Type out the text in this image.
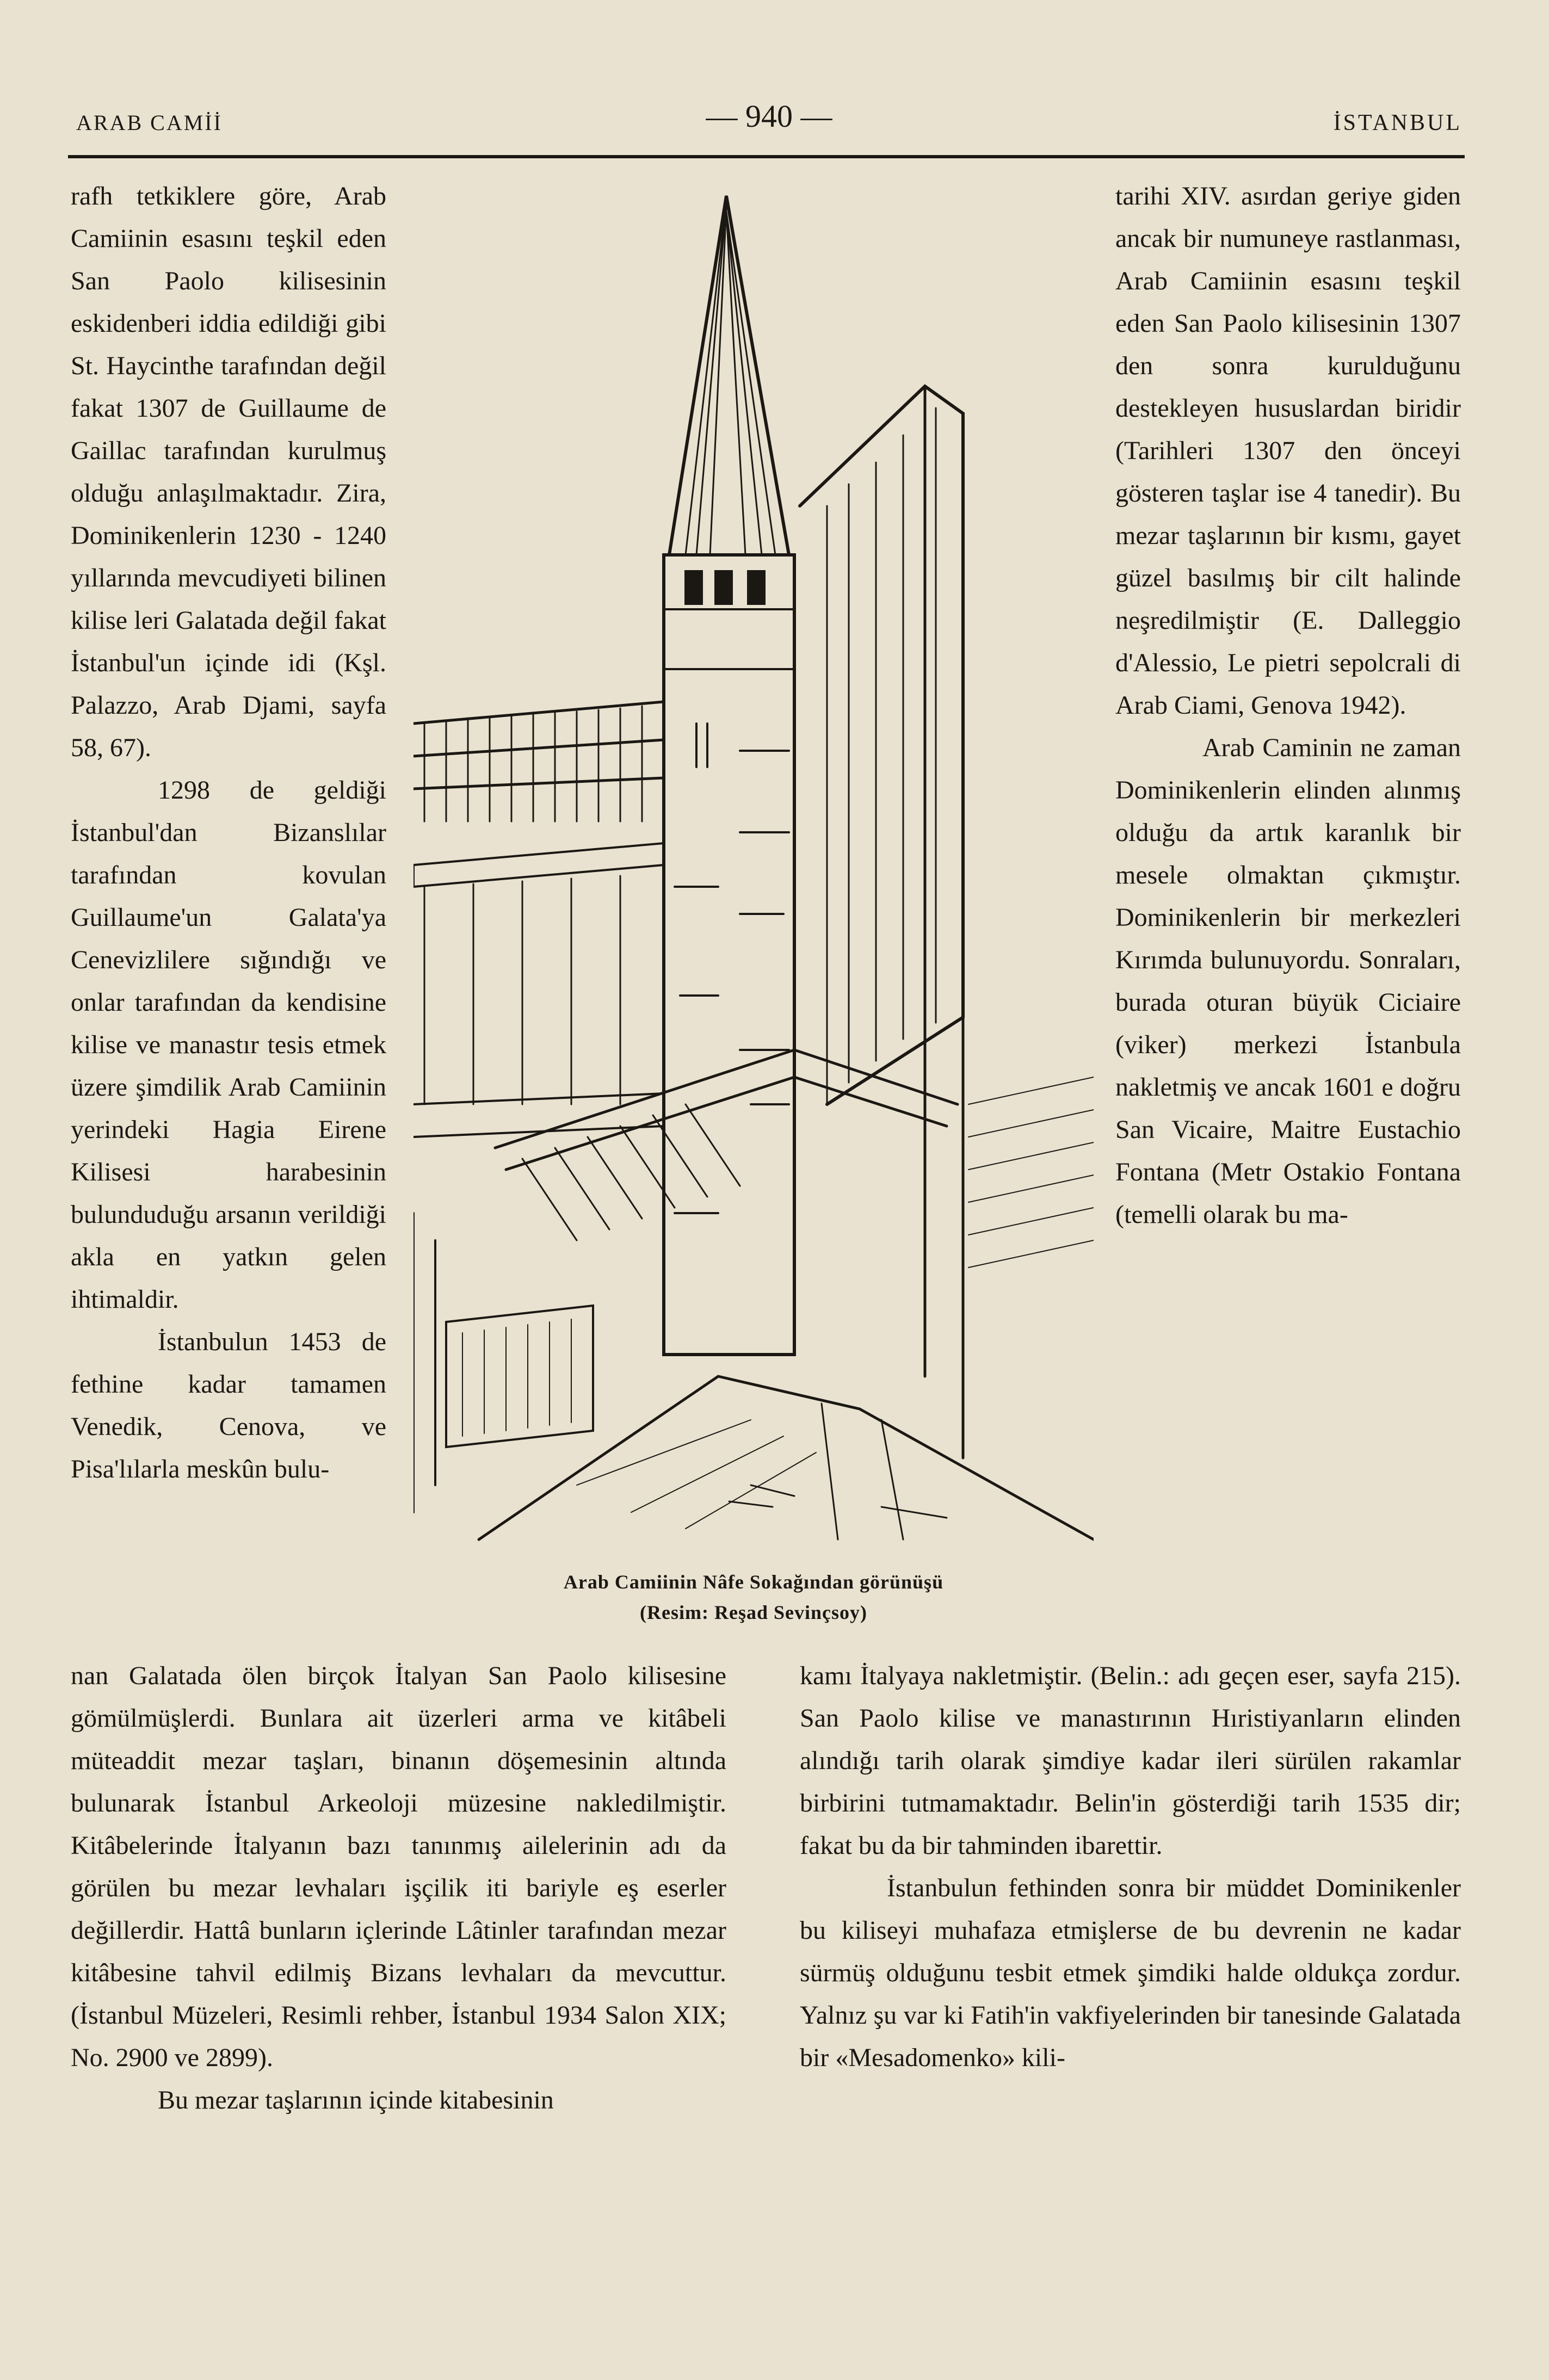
ARAB CAMİİ	— 940 —	İSTANBUL

rafh tetkiklere göre, Arab Camiinin esasını teşkil eden San Paolo kilisesinin eskidenberi iddia edildiği gibi St. Haycinthe tarafından değil fakat 1307 de Guillaume de Gaillac tarafından kurulmuş olduğu anlaşılmaktadır. Zira, Dominikenlerin 1230 - 1240 yıllarında mevcudiyeti bilinen kilise leri Galatada değil fakat İstanbul'un içinde idi (Kşl. Palazzo, Arab Djami, sayfa 58, 67).

1298 de geldiği İstanbul'dan Bizanslılar tarafından kovulan Guillaume'un Galata'ya Cenevizlilere sığındığı ve onlar tarafından da kendisine kilise ve manastır tesis etmek üzere şimdilik Arab Camiinin yerindeki Hagia Eirene Kilisesi harabesinin bulunduduğu arsanın verildiği akla en yatkın gelen ihtimaldir.

İstanbulun 1453 de fethine kadar tamamen Venedik, Cenova, ve Pisa'lılarla meskûn bulu-

Arab Camiinin Nâfe Sokağından görünüşü
(Resim: Reşad Sevinçsoy)

tarihi XIV. asırdan geriye giden ancak bir numuneye rastlanması, Arab Camiinin esasını teşkil eden San Paolo kilisesinin 1307 den sonra kurulduğunu destekleyen hususlardan biridir (Tarihleri 1307 den önceyi gösteren taşlar ise 4 tanedir). Bu mezar taşlarının bir kısmı, gayet güzel basılmış bir cilt halinde neşredilmiştir (E. Dalleggio d'Alessio, Le pietri sepolcrali di Arab Ciami, Genova 1942).

Arab Caminin ne zaman Dominikenlerin elinden alınmış olduğu da artık karanlık bir mesele olmaktan çıkmıştır. Dominikenlerin bir merkezleri Kırımda bulunuyordu. Sonraları, burada oturan büyük Ciciaire (viker) merkezi İstanbula nakletmiş ve ancak 1601 e doğru San Vicaire, Maitre Eustachio Fontana (Metr Ostakio Fontana (temelli olarak bu ma-

nan Galatada ölen birçok İtalyan San Paolo kilisesine gömülmüşlerdi. Bunlara ait üzerleri arma ve kitâbeli müteaddit mezar taşları, binanın döşemesinin altında bulunarak İstanbul Arkeoloji müzesine nakledilmiştir. Kitâbelerinde İtalyanın bazı tanınmış ailelerinin adı da görülen bu mezar levhaları işçilik iti bariyle eş eserler değillerdir. Hattâ bunların içlerinde Lâtinler tarafından mezar kitâbesine tahvil edilmiş Bizans levhaları da mevcuttur. (İstanbul Müzeleri, Resimli rehber, İstanbul 1934 Salon XIX; No. 2900 ve 2899).

Bu mezar taşlarının içinde kitabesinin

kamı İtalyaya nakletmiştir. (Belin.: adı geçen eser, sayfa 215). San Paolo kilise ve manastırının Hıristiyanların elinden alındığı tarih olarak şimdiye kadar ileri sürülen rakamlar birbirini tutmamaktadır. Belin'in gösterdiği tarih 1535 dir; fakat bu da bir tahminden ibarettir.

İstanbulun fethinden sonra bir müddet Dominikenler bu kiliseyi muhafaza etmişlerse de bu devrenin ne kadar sürmüş olduğunu tesbit etmek şimdiki halde oldukça zordur. Yalnız şu var ki Fatih'in vakfiyelerinden bir tanesinde Galatada bir «Mesadomenko» kili-
